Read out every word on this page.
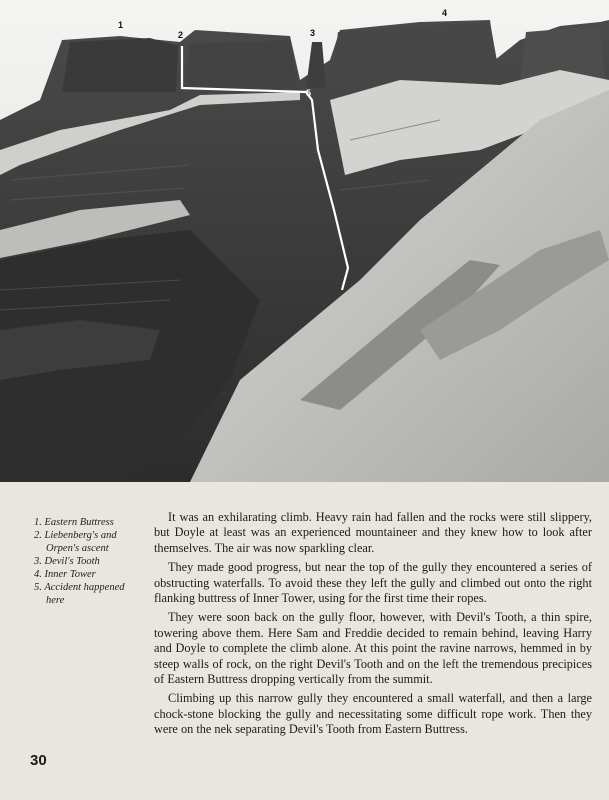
1
2	3
4
5
1. Eastern Buttress
2. Liebenberg's and
Orpen's ascent
3. Devil's Tooth
4. Inner Tower
5. Accident happened
here

It was an exhilarating climb. Heavy rain had fallen and the rocks were still slippery, but Doyle at least was an experienced mountaineer and they knew how to look after themselves. The air was now sparkling clear.

They made good progress, but near the top of the gully they encountered a series of obstructing waterfalls. To avoid these they left the gully and climbed out onto the right flanking buttress of Inner Tower, using for the first time their ropes.

They were soon back on the gully floor, however, with Devil's Tooth, a thin spire, towering above them. Here Sam and Freddie decided to remain behind, leaving Harry and Doyle to complete the climb alone. At this point the ravine narrows, hemmed in by steep walls of rock, on the right Devil's Tooth and on the left the tremendous precipices of Eastern Buttress dropping vertically from the summit.

Climbing up this narrow gully they encountered a small waterfall, and then a large chock-stone blocking the gully and necessitating some difficult rope work. Then they were on the nek separating Devil's Tooth from Eastern Buttress.

30
